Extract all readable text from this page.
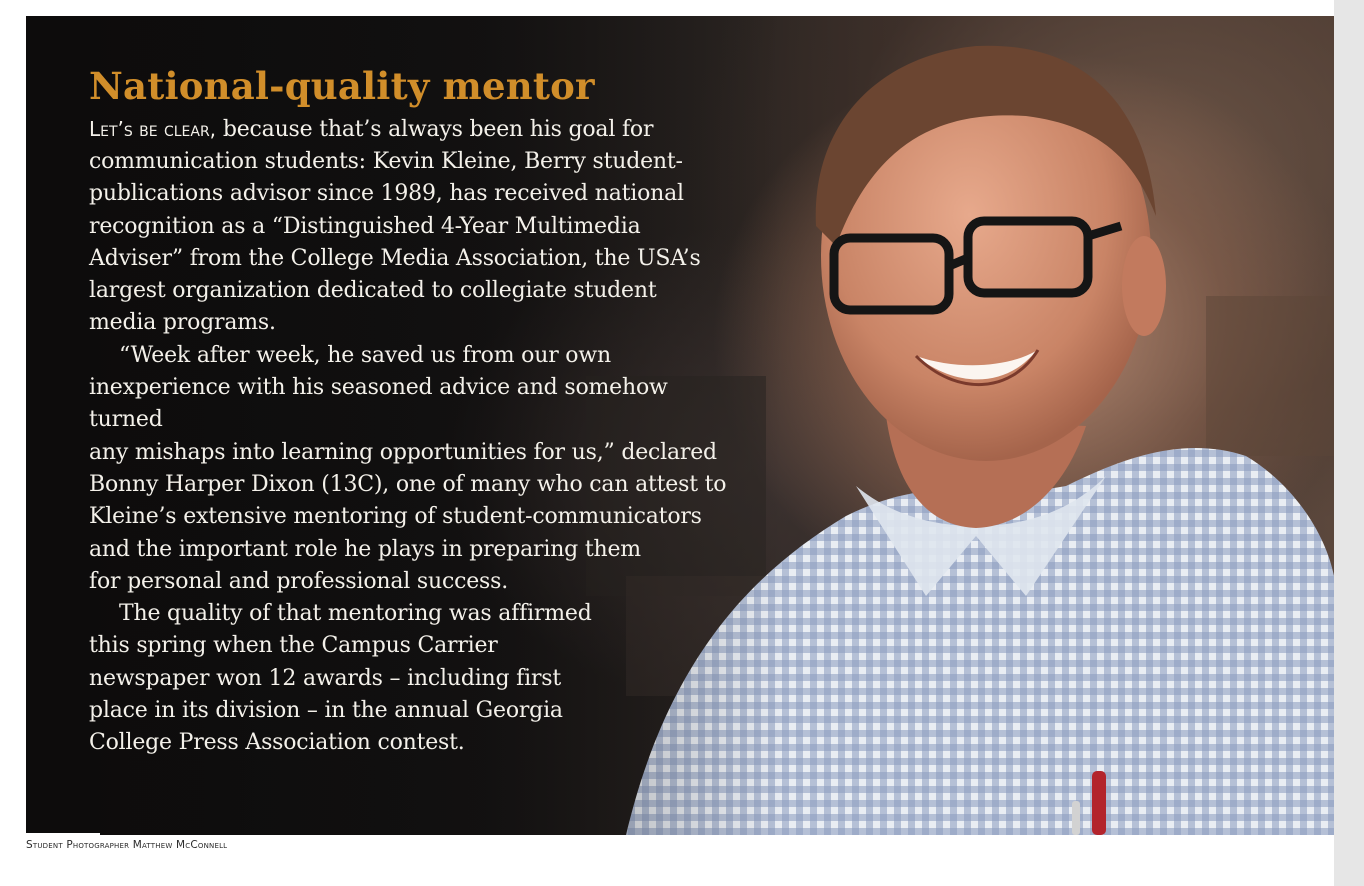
National-quality mentor

Let’s be clear, because that’s always been his goal for
communication students: Kevin Kleine, Berry student-
publications advisor since 1989, has received national
recognition as a “Distinguished 4-Year Multimedia
Adviser” from the College Media Association, the USA’s
largest organization dedicated to collegiate student
media programs.

“Week after week, he saved us from our own
inexperience with his seasoned advice and somehow turned
any mishaps into learning opportunities for us,” declared
Bonny Harper Dixon (13C), one of many who can attest to
Kleine’s extensive mentoring of student-communicators
and the important role he plays in preparing them
for personal and professional success.

The quality of that mentoring was affirmed
this spring when the Campus Carrier
newspaper won 12 awards – including first
place in its division – in the annual Georgia
College Press Association contest.

Student Photographer Matthew McConnell
